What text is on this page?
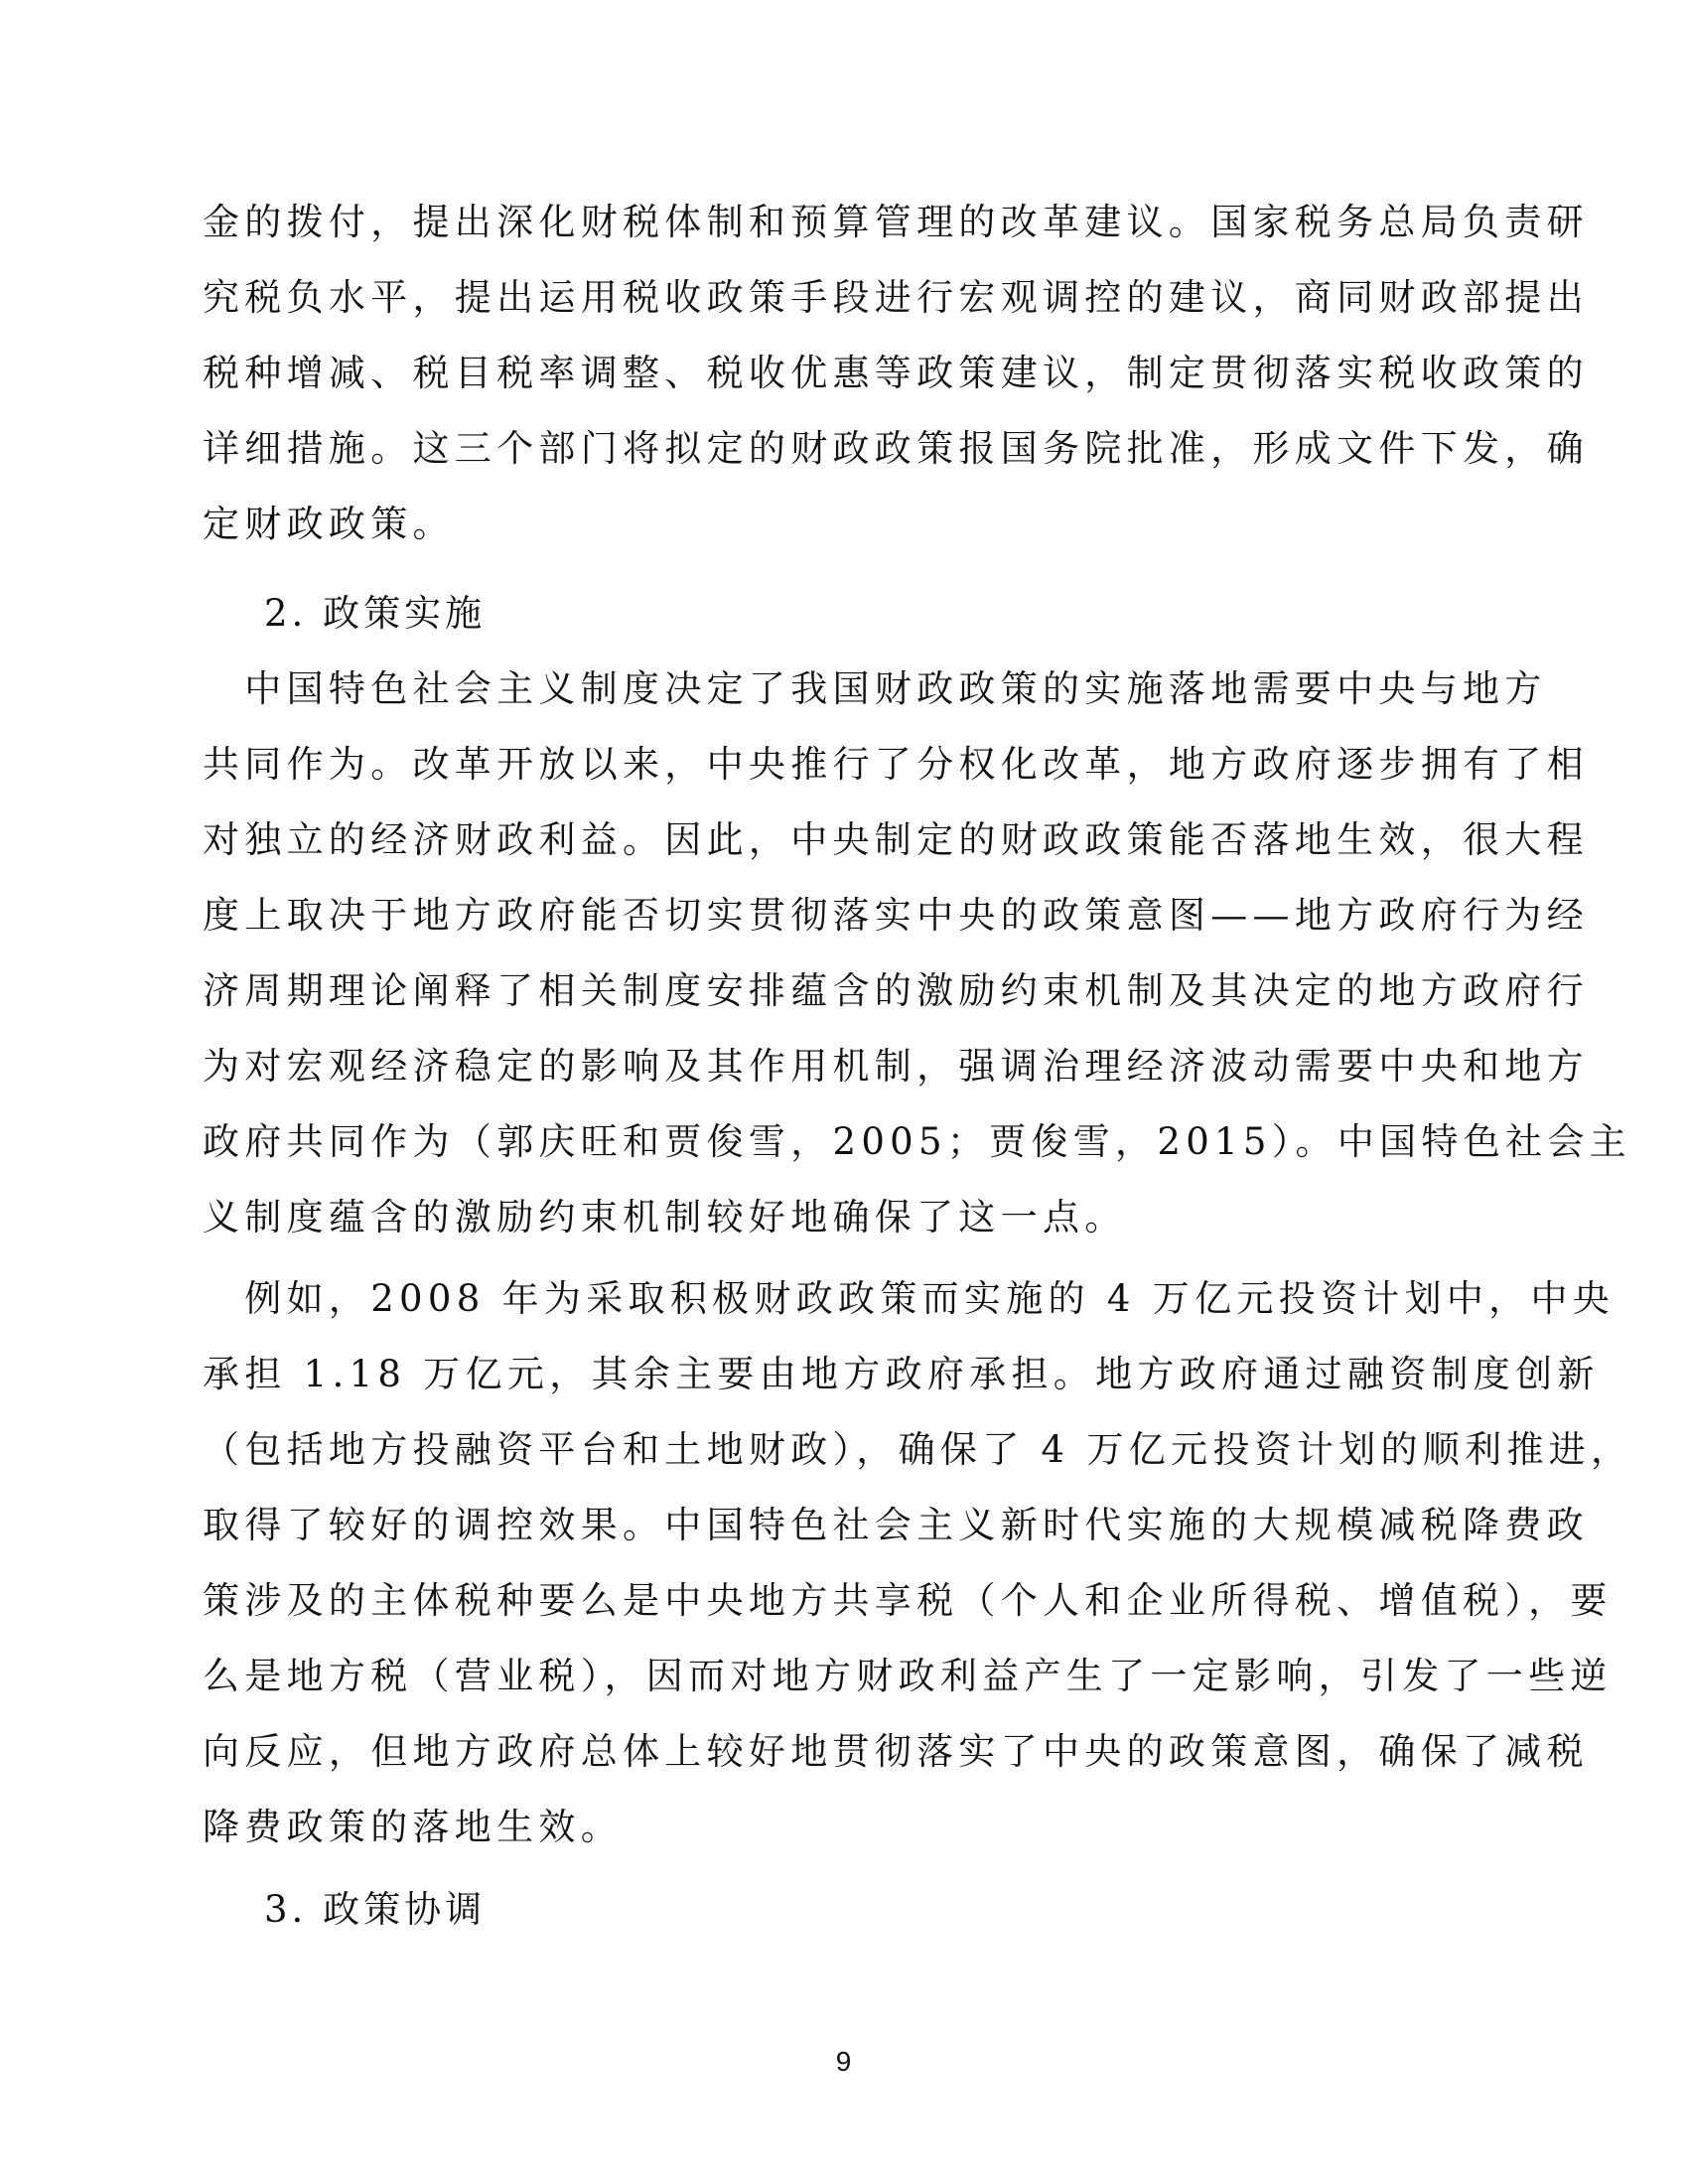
金的拨付，提出深化财税体制和预算管理的改革建议。国家税务总局负责研
究税负水平，提出运用税收政策手段进行宏观调控的建议，商同财政部提出
税种增减、税目税率调整、税收优惠等政策建议，制定贯彻落实税收政策的
详细措施。这三个部门将拟定的财政政策报国务院批准，形成文件下发，确
定财政政策。
2. 政策实施
　中国特色社会主义制度决定了我国财政政策的实施落地需要中央与地方
共同作为。改革开放以来，中央推行了分权化改革，地方政府逐步拥有了相
对独立的经济财政利益。因此，中央制定的财政政策能否落地生效，很大程
度上取决于地方政府能否切实贯彻落实中央的政策意图——地方政府行为经
济周期理论阐释了相关制度安排蕴含的激励约束机制及其决定的地方政府行
为对宏观经济稳定的影响及其作用机制，强调治理经济波动需要中央和地方
政府共同作为（郭庆旺和贾俊雪，2005；贾俊雪，2015）。中国特色社会主
义制度蕴含的激励约束机制较好地确保了这一点。
　例如，2008 年为采取积极财政政策而实施的 4 万亿元投资计划中，中央
承担 1.18 万亿元，其余主要由地方政府承担。地方政府通过融资制度创新
（包括地方投融资平台和土地财政），确保了 4 万亿元投资计划的顺利推进，
取得了较好的调控效果。中国特色社会主义新时代实施的大规模减税降费政
策涉及的主体税种要么是中央地方共享税（个人和企业所得税、增值税），要
么是地方税（营业税），因而对地方财政利益产生了一定影响，引发了一些逆
向反应，但地方政府总体上较好地贯彻落实了中央的政策意图，确保了减税
降费政策的落地生效。
3. 政策协调
9
